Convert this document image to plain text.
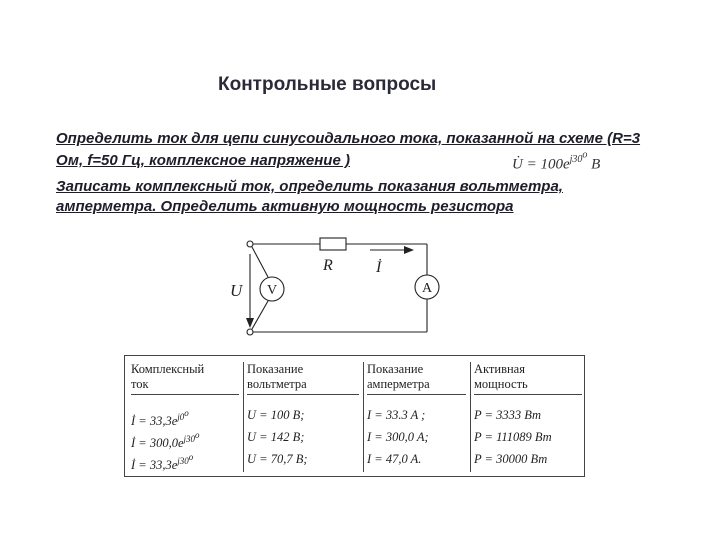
Контрольные вопросы
Определить ток для цепи синусоидального тока, показанной на схеме (R=3
Ом, f=50 Гц, комплексное напряжение )	U̇ = $100e^{j30^o}$ B
Записать комплексный ток, определить показания вольтметра,
амперметра. Определить активную мощность резистора
U V
R	İ
A
Комплексный
ток
İ = $33,3e^{j0^o}$
İ = $300,0e^{j30^o}$
İ = $33,3e^{j30^o}$
Показание
вольтметра
U = 100 B;
U = 142 B;
U = 70,7 B;
Показание
амперметра
I = 33.3 A ;
I = 300,0 A;
I = 47,0 A.
Активная
мощность
P = 3333 Вт
P = 111089 Вт
P = 30000 Вт
